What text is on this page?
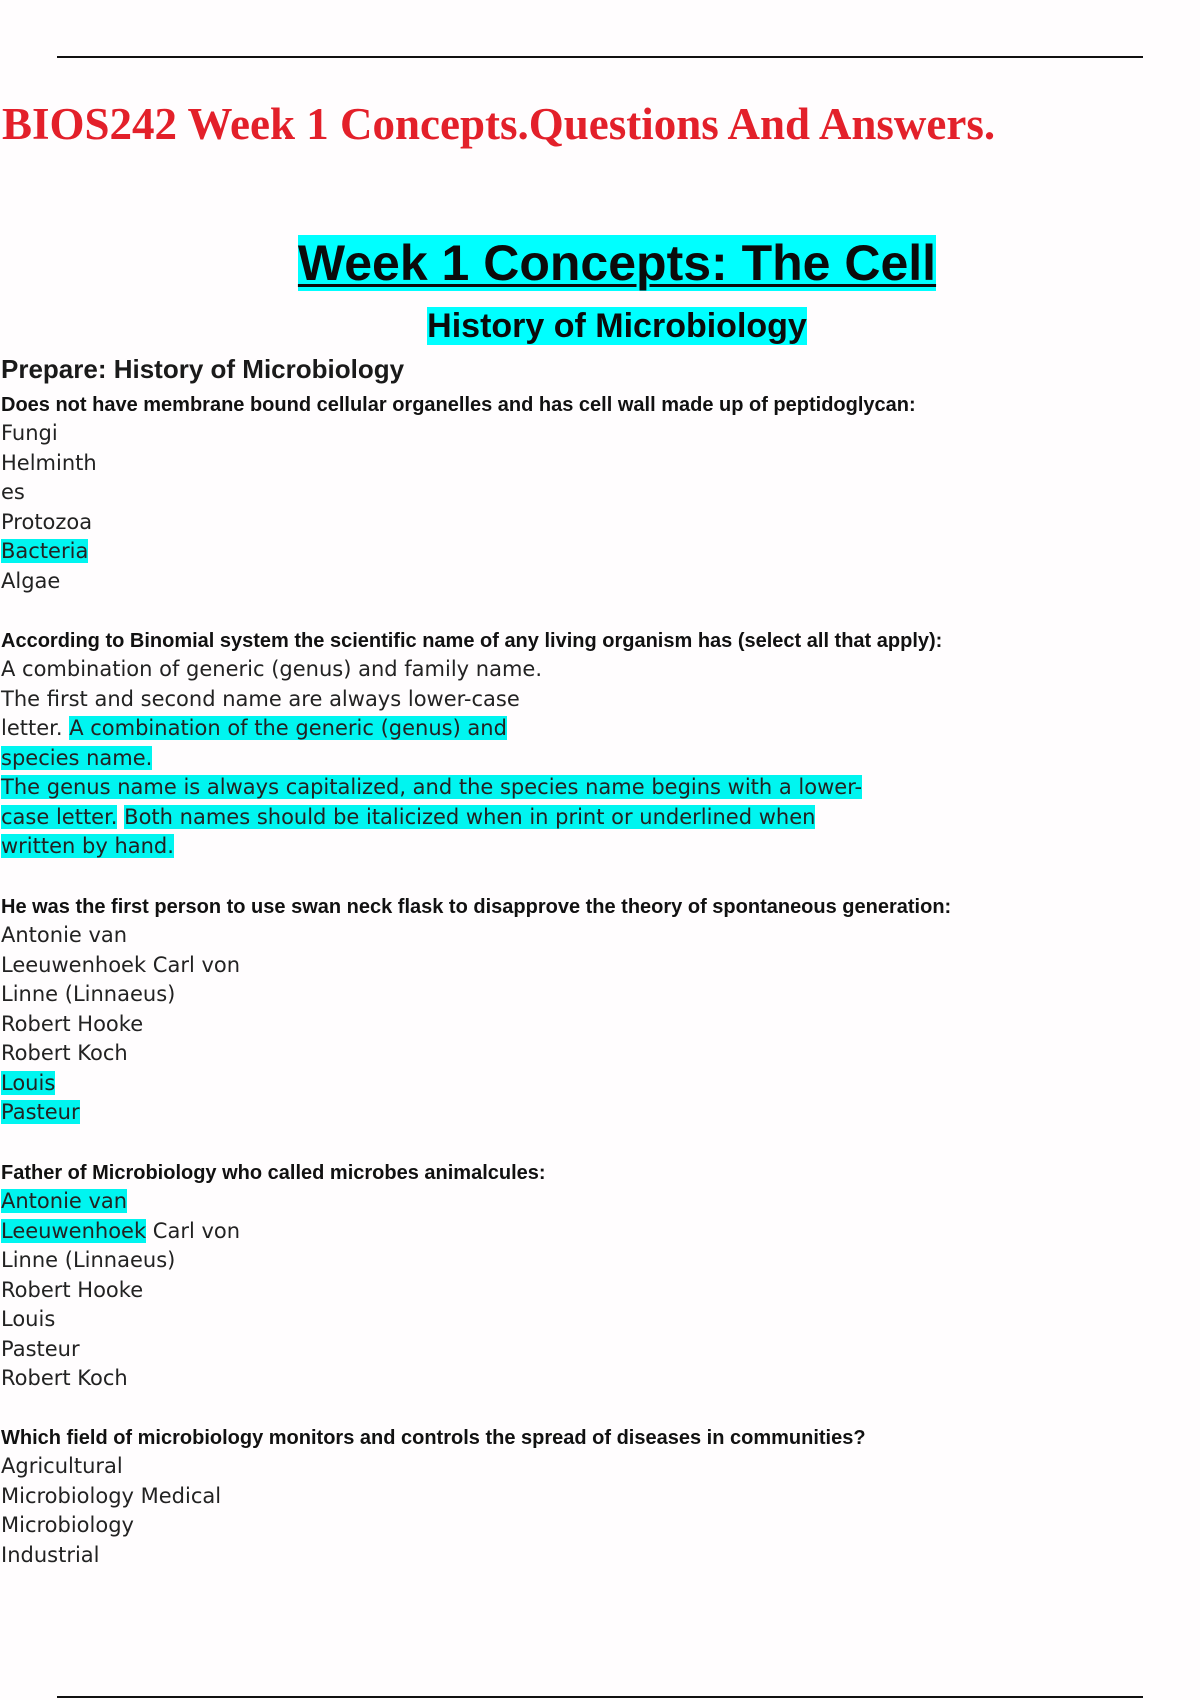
BIOS242 Week 1 Concepts.Questions And Answers.
Week 1 Concepts: The Cell
History of Microbiology
Prepare: History of Microbiology
Does not have membrane bound cellular organelles and has cell wall made up of peptidoglycan:
Fungi
Helminth
es
Protozoa
Bacteria
Algae
According to Binomial system the scientific name of any living organism has (select all that apply):
A combination of generic (genus) and family name.
The first and second name are always lower-case
letter. A combination of the generic (genus) and
species name.
The genus name is always capitalized, and the species name begins with a lower-
case letter. Both names should be italicized when in print or underlined when
written by hand.
He was the first person to use swan neck flask to disapprove the theory of spontaneous generation:
Antonie van
Leeuwenhoek Carl von
Linne (Linnaeus)
Robert Hooke
Robert Koch
Louis
Pasteur
Father of Microbiology who called microbes animalcules:
Antonie van
Leeuwenhoek Carl von
Linne (Linnaeus)
Robert Hooke
Louis
Pasteur
Robert Koch
Which field of microbiology monitors and controls the spread of diseases in communities?
Agricultural
Microbiology Medical
Microbiology
Industrial
